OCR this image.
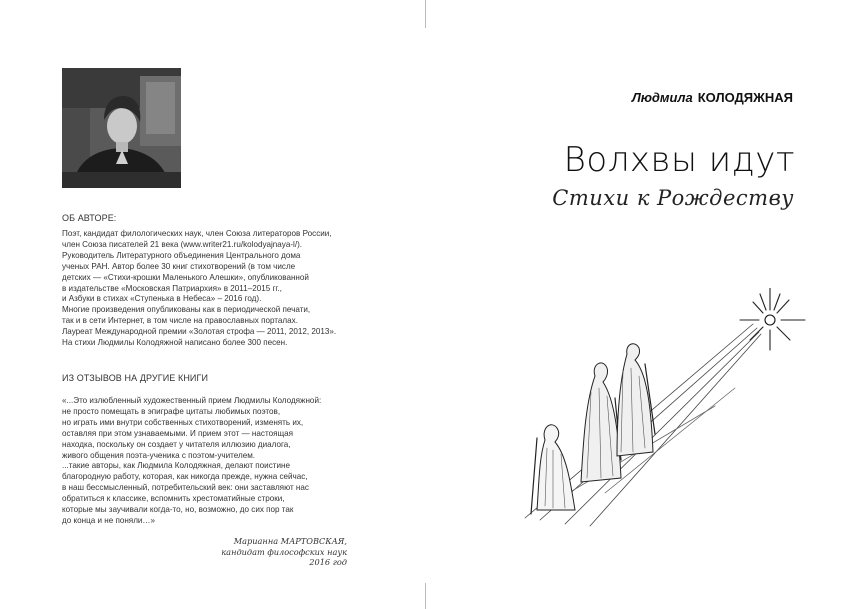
ОБ АВТОРЕ:

Поэт, кандидат филологических наук, член Союза литераторов России,

член Союза писателей 21 века (www.writer21.ru/kolodyajnaya-l/).

Руководитель Литературного объединения Центрального дома

ученых РАН. Автор более 30 книг стихотворений (в том числе

детских — «Стихи-крошки Маленького Алешки», опубликованной

в издательстве «Московская Патриархия» в 2011–2015 гг.,

и Азбуки в стихах «Ступенька в Небеса» – 2016 год).

Многие произведения опубликованы как в периодической печати,

так и в сети Интернет, в том числе на православных порталах.

Лауреат Международной премии «Золотая строфа — 2011, 2012, 2013».

На стихи Людмилы Колодяжной написано более 300 песен.

ИЗ ОТЗЫВОВ НА ДРУГИЕ КНИГИ

«...Это излюбленный художественный прием Людмилы Колодяжной:

не просто помещать в эпиграфе цитаты любимых поэтов,

но играть ими внутри собственных стихотворений, изменять их,

оставляя при этом узнаваемыми. И прием этот — настоящая

находка, поскольку он создает у читателя иллюзию диалога,

живого общения поэта-ученика с поэтом-учителем.

...такие авторы, как Людмила Колодяжная, делают поистине

благородную работу, которая, как никогда прежде, нужна сейчас,

в наш бессмысленный, потребительский век: они заставляют нас

обратиться к классике, вспомнить хрестоматийные строки,

которые мы заучивали когда-то, но, возможно, до сих пор так

до конца и не поняли…»

Марианна МАРТОВСКАЯ,
кандидат философских наук
2016 год
Людмила КОЛОДЯЖНАЯ
Волхвы идут
Стихи к Рождеству
